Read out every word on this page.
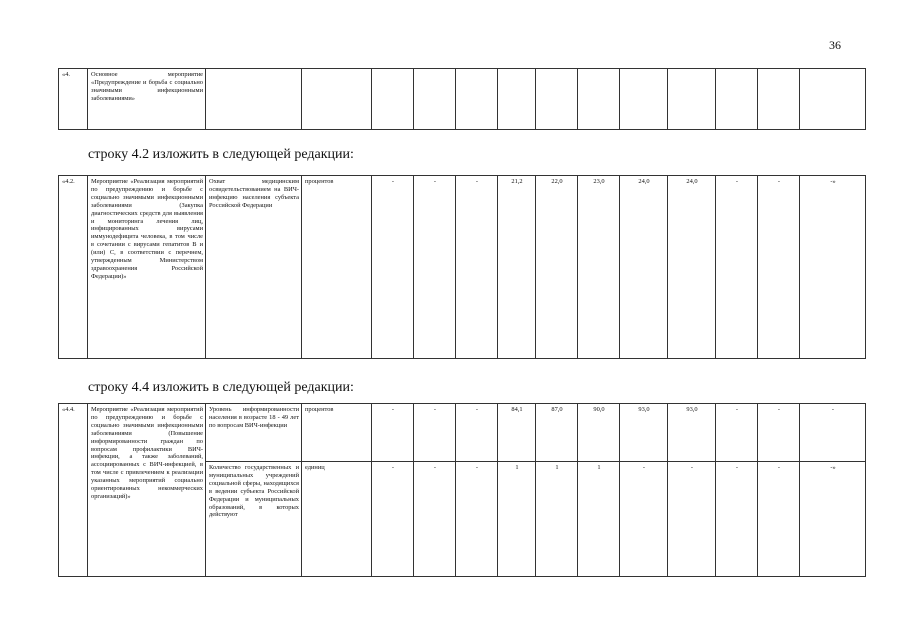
36
«4.	Основное мероприятие «Предупреждение и борьба с социально значимыми инфекционными заболеваниями»													
строку 4.2 изложить в следующей редакции:
«4.2.	Мероприятие «Реализация мероприятий по предупреждению и борьбе с социально значимыми инфекционными заболеваниями (Закупка диагностических средств для выявления и мониторинга лечения лиц, инфицированных вирусами иммунодефицита человека, в том числе в сочетании с вирусами гепатитов В и (или) С, в соответствии с перечнем, утвержденным Министерством здравоохранения Российской Федерации)»	Охват медицинским освидетельствованием на ВИЧ-инфекцию населения субъекта Российской Федерации	процентов	-	-	-	21,2	22,0	23,0	24,0	24,0	-	-	-»
строку 4.4 изложить в следующей редакции:
«4.4.	Мероприятие «Реализация мероприятий по предупреждению и борьбе с социально значимыми инфекционными заболеваниями (Повышение информированности граждан по вопросам профилактики ВИЧ-инфекции, а также заболеваний, ассоциированных с ВИЧ-инфекцией, в том числе с привлечением к реализации указанных мероприятий социально ориентированных некоммерческих организаций)»	Уровень информированности населения в возрасте 18 - 49 лет по вопросам ВИЧ-инфекции	процентов	-	-	-	84,1	87,0	90,0	93,0	93,0	-	-	-
		Количество государственных и муниципальных учреждений социальной сферы, находящихся в ведении субъекта Российской Федерации и муниципальных образований, в которых действуют	единиц	-	-	-	1	1	1	-	-	-	-	-»
